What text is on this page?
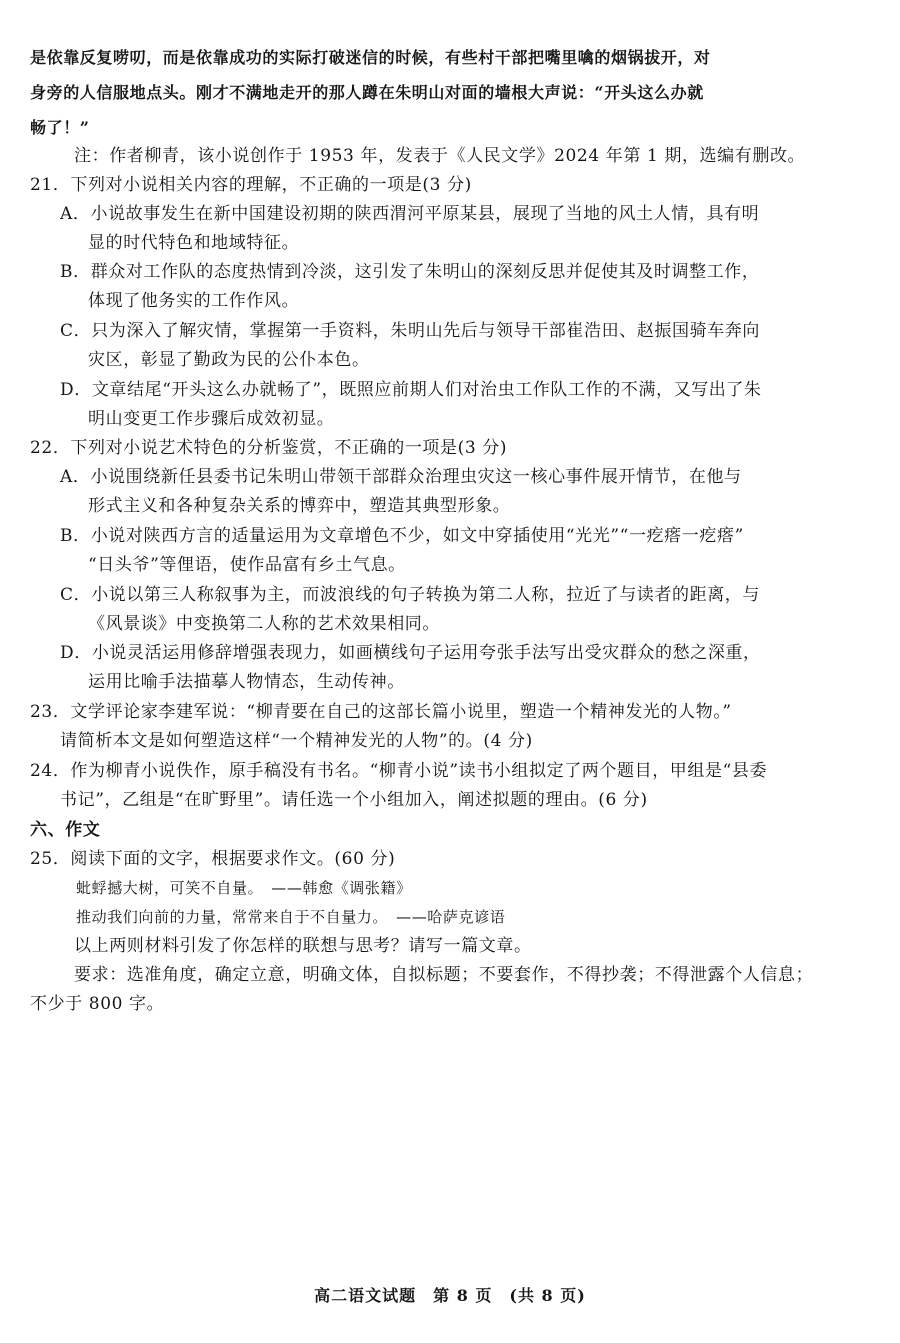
是依靠反复唠叨，而是依靠成功的实际打破迷信的时候，有些村干部把嘴里噙的烟锅拔开，对
身旁的人信服地点头。刚才不满地走开的那人蹲在朱明山对面的墙根大声说：“开头这么办就
畅了！”
注：作者柳青，该小说创作于 1953 年，发表于《人民文学》2024 年第 1 期，选编有删改。
21．下列对小说相关内容的理解，不正确的一项是(3 分)
A．小说故事发生在新中国建设初期的陕西渭河平原某县，展现了当地的风土人情，具有明
显的时代特色和地域特征。
B．群众对工作队的态度热情到冷淡，这引发了朱明山的深刻反思并促使其及时调整工作，
体现了他务实的工作作风。
C．只为深入了解灾情，掌握第一手资料，朱明山先后与领导干部崔浩田、赵振国骑车奔向
灾区，彰显了勤政为民的公仆本色。
D．文章结尾“开头这么办就畅了”，既照应前期人们对治虫工作队工作的不满，又写出了朱
明山变更工作步骤后成效初显。
22．下列对小说艺术特色的分析鉴赏，不正确的一项是(3 分)
A．小说围绕新任县委书记朱明山带领干部群众治理虫灾这一核心事件展开情节，在他与
形式主义和各种复杂关系的博弈中，塑造其典型形象。
B．小说对陕西方言的适量运用为文章增色不少，如文中穿插使用“光光”“一疙瘩一疙瘩”
“日头爷”等俚语，使作品富有乡土气息。
C．小说以第三人称叙事为主，而波浪线的句子转换为第二人称，拉近了与读者的距离，与
《风景谈》中变换第二人称的艺术效果相同。
D．小说灵活运用修辞增强表现力，如画横线句子运用夸张手法写出受灾群众的愁之深重，
运用比喻手法描摹人物情态，生动传神。
23．文学评论家李建军说：“柳青要在自己的这部长篇小说里，塑造一个精神发光的人物。”
请简析本文是如何塑造这样“一个精神发光的人物”的。(4 分)
24．作为柳青小说佚作，原手稿没有书名。“柳青小说”读书小组拟定了两个题目，甲组是“县委
书记”，乙组是“在旷野里”。请任选一个小组加入，阐述拟题的理由。(6 分)
六、作文
25．阅读下面的文字，根据要求作文。(60 分)
蚍蜉撼大树，可笑不自量。　——韩愈《调张籍》
推动我们向前的力量，常常来自于不自量力。　——哈萨克谚语
以上两则材料引发了你怎样的联想与思考？请写一篇文章。
要求：选准角度，确定立意，明确文体，自拟标题；不要套作，不得抄袭；不得泄露个人信息；
不少于 800 字。
高二语文试题　第 8 页　(共 8 页)
